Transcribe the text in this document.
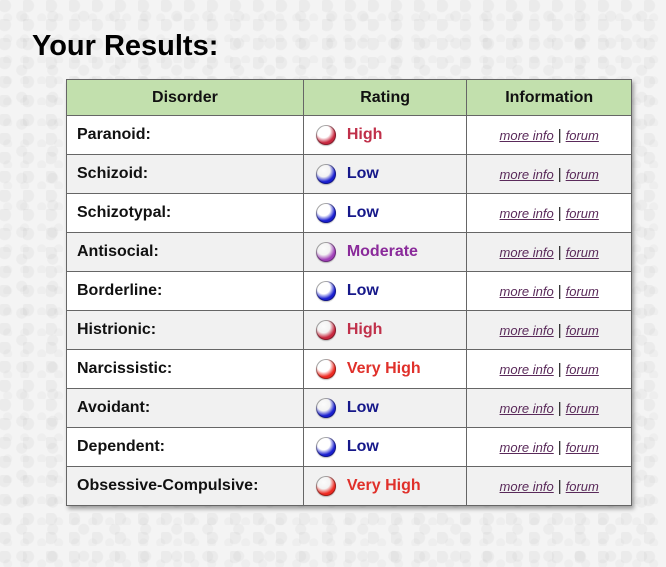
Your Results:
Disorder	Rating	Information
Paranoid:	High	more info | forum
Schizoid:	Low	more info | forum
Schizotypal:	Low	more info | forum
Antisocial:	Moderate	more info | forum
Borderline:	Low	more info | forum
Histrionic:	High	more info | forum
Narcissistic:	Very High	more info | forum
Avoidant:	Low	more info | forum
Dependent:	Low	more info | forum
Obsessive-Compulsive:	Very High	more info | forum
